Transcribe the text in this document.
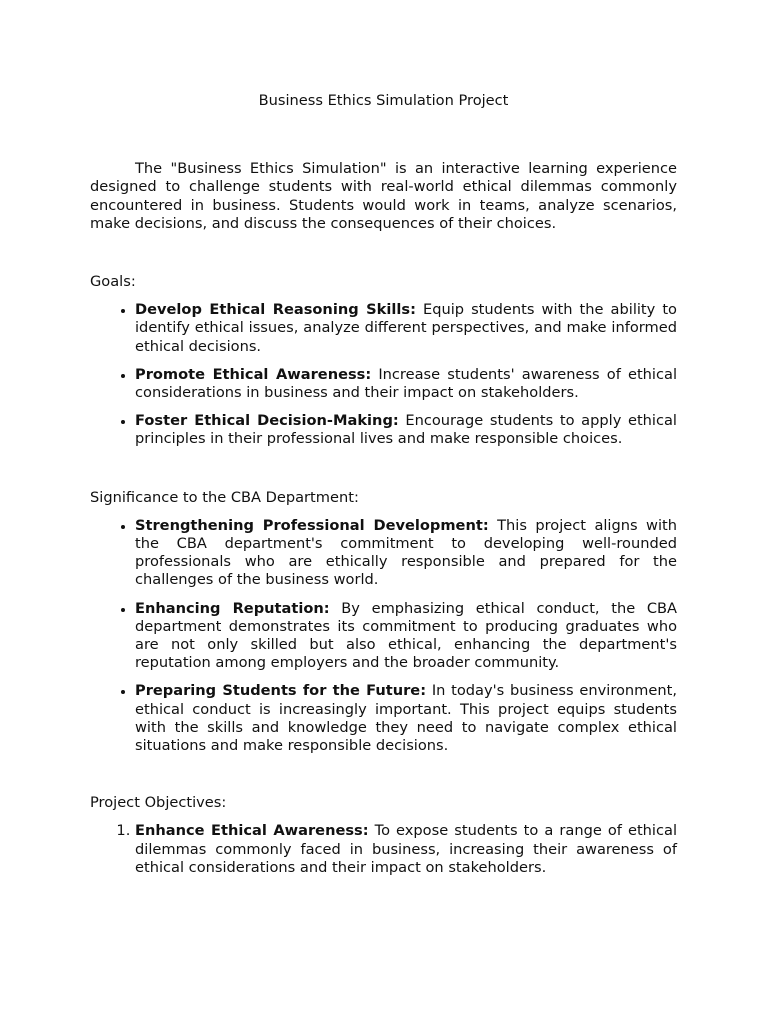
Business Ethics Simulation Project

The "Business Ethics Simulation" is an interactive learning experience designed to challenge students with real-world ethical dilemmas commonly encountered in business. Students would work in teams, analyze scenarios, make decisions, and discuss the consequences of their choices.

Goals:

• Develop Ethical Reasoning Skills: Equip students with the ability to identify ethical issues, analyze different perspectives, and make informed ethical decisions.
• Promote Ethical Awareness: Increase students' awareness of ethical considerations in business and their impact on stakeholders.
• Foster Ethical Decision-Making: Encourage students to apply ethical principles in their professional lives and make responsible choices.

Significance to the CBA Department:

• Strengthening Professional Development: This project aligns with the CBA department's commitment to developing well-rounded professionals who are ethically responsible and prepared for the challenges of the business world.
• Enhancing Reputation: By emphasizing ethical conduct, the CBA department demonstrates its commitment to producing graduates who are not only skilled but also ethical, enhancing the department's reputation among employers and the broader community.
• Preparing Students for the Future: In today's business environment, ethical conduct is increasingly important. This project equips students with the skills and knowledge they need to navigate complex ethical situations and make responsible decisions.

Project Objectives:

1. Enhance Ethical Awareness: To expose students to a range of ethical dilemmas commonly faced in business, increasing their awareness of ethical considerations and their impact on stakeholders.
